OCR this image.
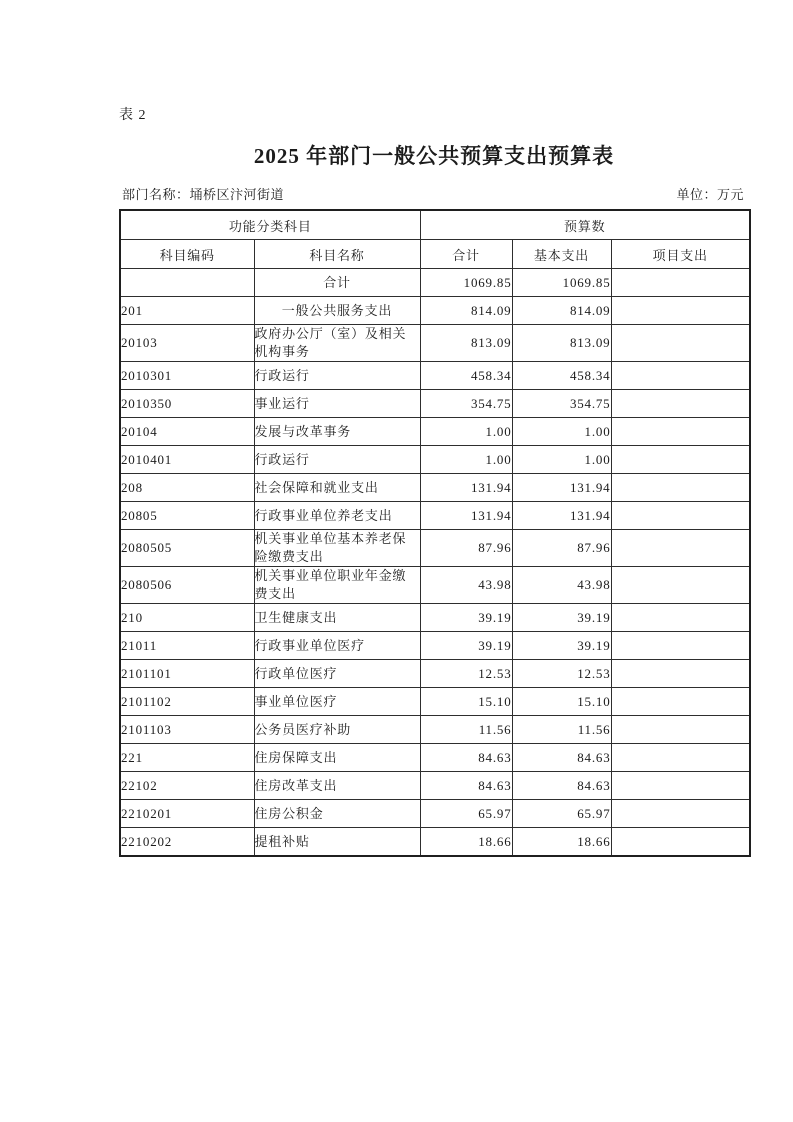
表 2
2025 年部门一般公共预算支出预算表
部门名称：埇桥区汴河街道	单位：万元
功能分类科目		预算数		
科目编码	科目名称	合计	基本支出	项目支出
	合计	1069.85	1069.85	
201	一般公共服务支出	814.09	814.09	
20103	政府办公厅（室）及相关机构事务	813.09	813.09	
2010301	行政运行	458.34	458.34	
2010350	事业运行	354.75	354.75	
20104	发展与改革事务	1.00	1.00	
2010401	行政运行	1.00	1.00	
208	社会保障和就业支出	131.94	131.94	
20805	行政事业单位养老支出	131.94	131.94	
2080505	机关事业单位基本养老保险缴费支出	87.96	87.96	
2080506	机关事业单位职业年金缴费支出	43.98	43.98	
210	卫生健康支出	39.19	39.19	
21011	行政事业单位医疗	39.19	39.19	
2101101	行政单位医疗	12.53	12.53	
2101102	事业单位医疗	15.10	15.10	
2101103	公务员医疗补助	11.56	11.56	
221	住房保障支出	84.63	84.63	
22102	住房改革支出	84.63	84.63	
2210201	住房公积金	65.97	65.97	
2210202	提租补贴	18.66	18.66	
